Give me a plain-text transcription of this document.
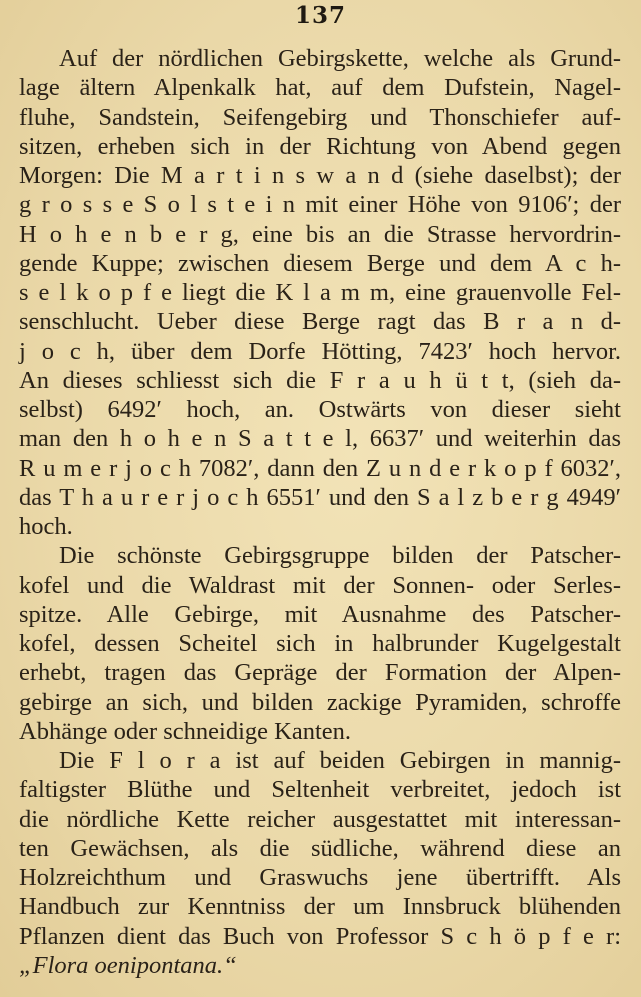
137
Auf der nördlichen Gebirgskette, welche als Grund-
lage ältern Alpenkalk hat, auf dem Dufstein, Nagel-
fluhe, Sandstein, Seifengebirg und Thonschiefer auf-
sitzen, erheben sich in der Richtung von Abend gegen
Morgen: Die M a r t i n s w a n d (siehe daselbst); der
g r o s s e S o l s t e i n mit einer Höhe von 9106′; der
H o h e n b e r g, eine bis an die Strasse hervordrin-
gende Kuppe; zwischen diesem Berge und dem A c h-
s e l k o p f e liegt die K l a m m, eine grauenvolle Fel-
senschlucht. Ueber diese Berge ragt das B r a n d-
j o c h, über dem Dorfe Hötting, 7423′ hoch hervor.
An dieses schliesst sich die F r a u h ü t t, (sieh da-
selbst) 6492′ hoch, an. Ostwärts von dieser sieht
man den h o h e n S a t t e l, 6637′ und weiterhin das
R u m e r j o c h 7082′, dann den Z u n d e r k o p f 6032′,
das T h a u r e r j o c h 6551′ und den S a l z b e r g 4949′
hoch.
Die schönste Gebirgsgruppe bilden der Patscher-
kofel und die Waldrast mit der Sonnen- oder Serles-
spitze. Alle Gebirge, mit Ausnahme des Patscher-
kofel, dessen Scheitel sich in halbrunder Kugelgestalt
erhebt, tragen das Gepräge der Formation der Alpen-
gebirge an sich, und bilden zackige Pyramiden, schroffe
Abhänge oder schneidige Kanten.
Die F l o r a ist auf beiden Gebirgen in mannig-
faltigster Blüthe und Seltenheit verbreitet, jedoch ist
die nördliche Kette reicher ausgestattet mit interessan-
ten Gewächsen, als die südliche, während diese an
Holzreichthum und Graswuchs jene übertrifft. Als
Handbuch zur Kenntniss der um Innsbruck blühenden
Pflanzen dient das Buch von Professor S c h ö p f e r:
„Flora oenipontana.“
